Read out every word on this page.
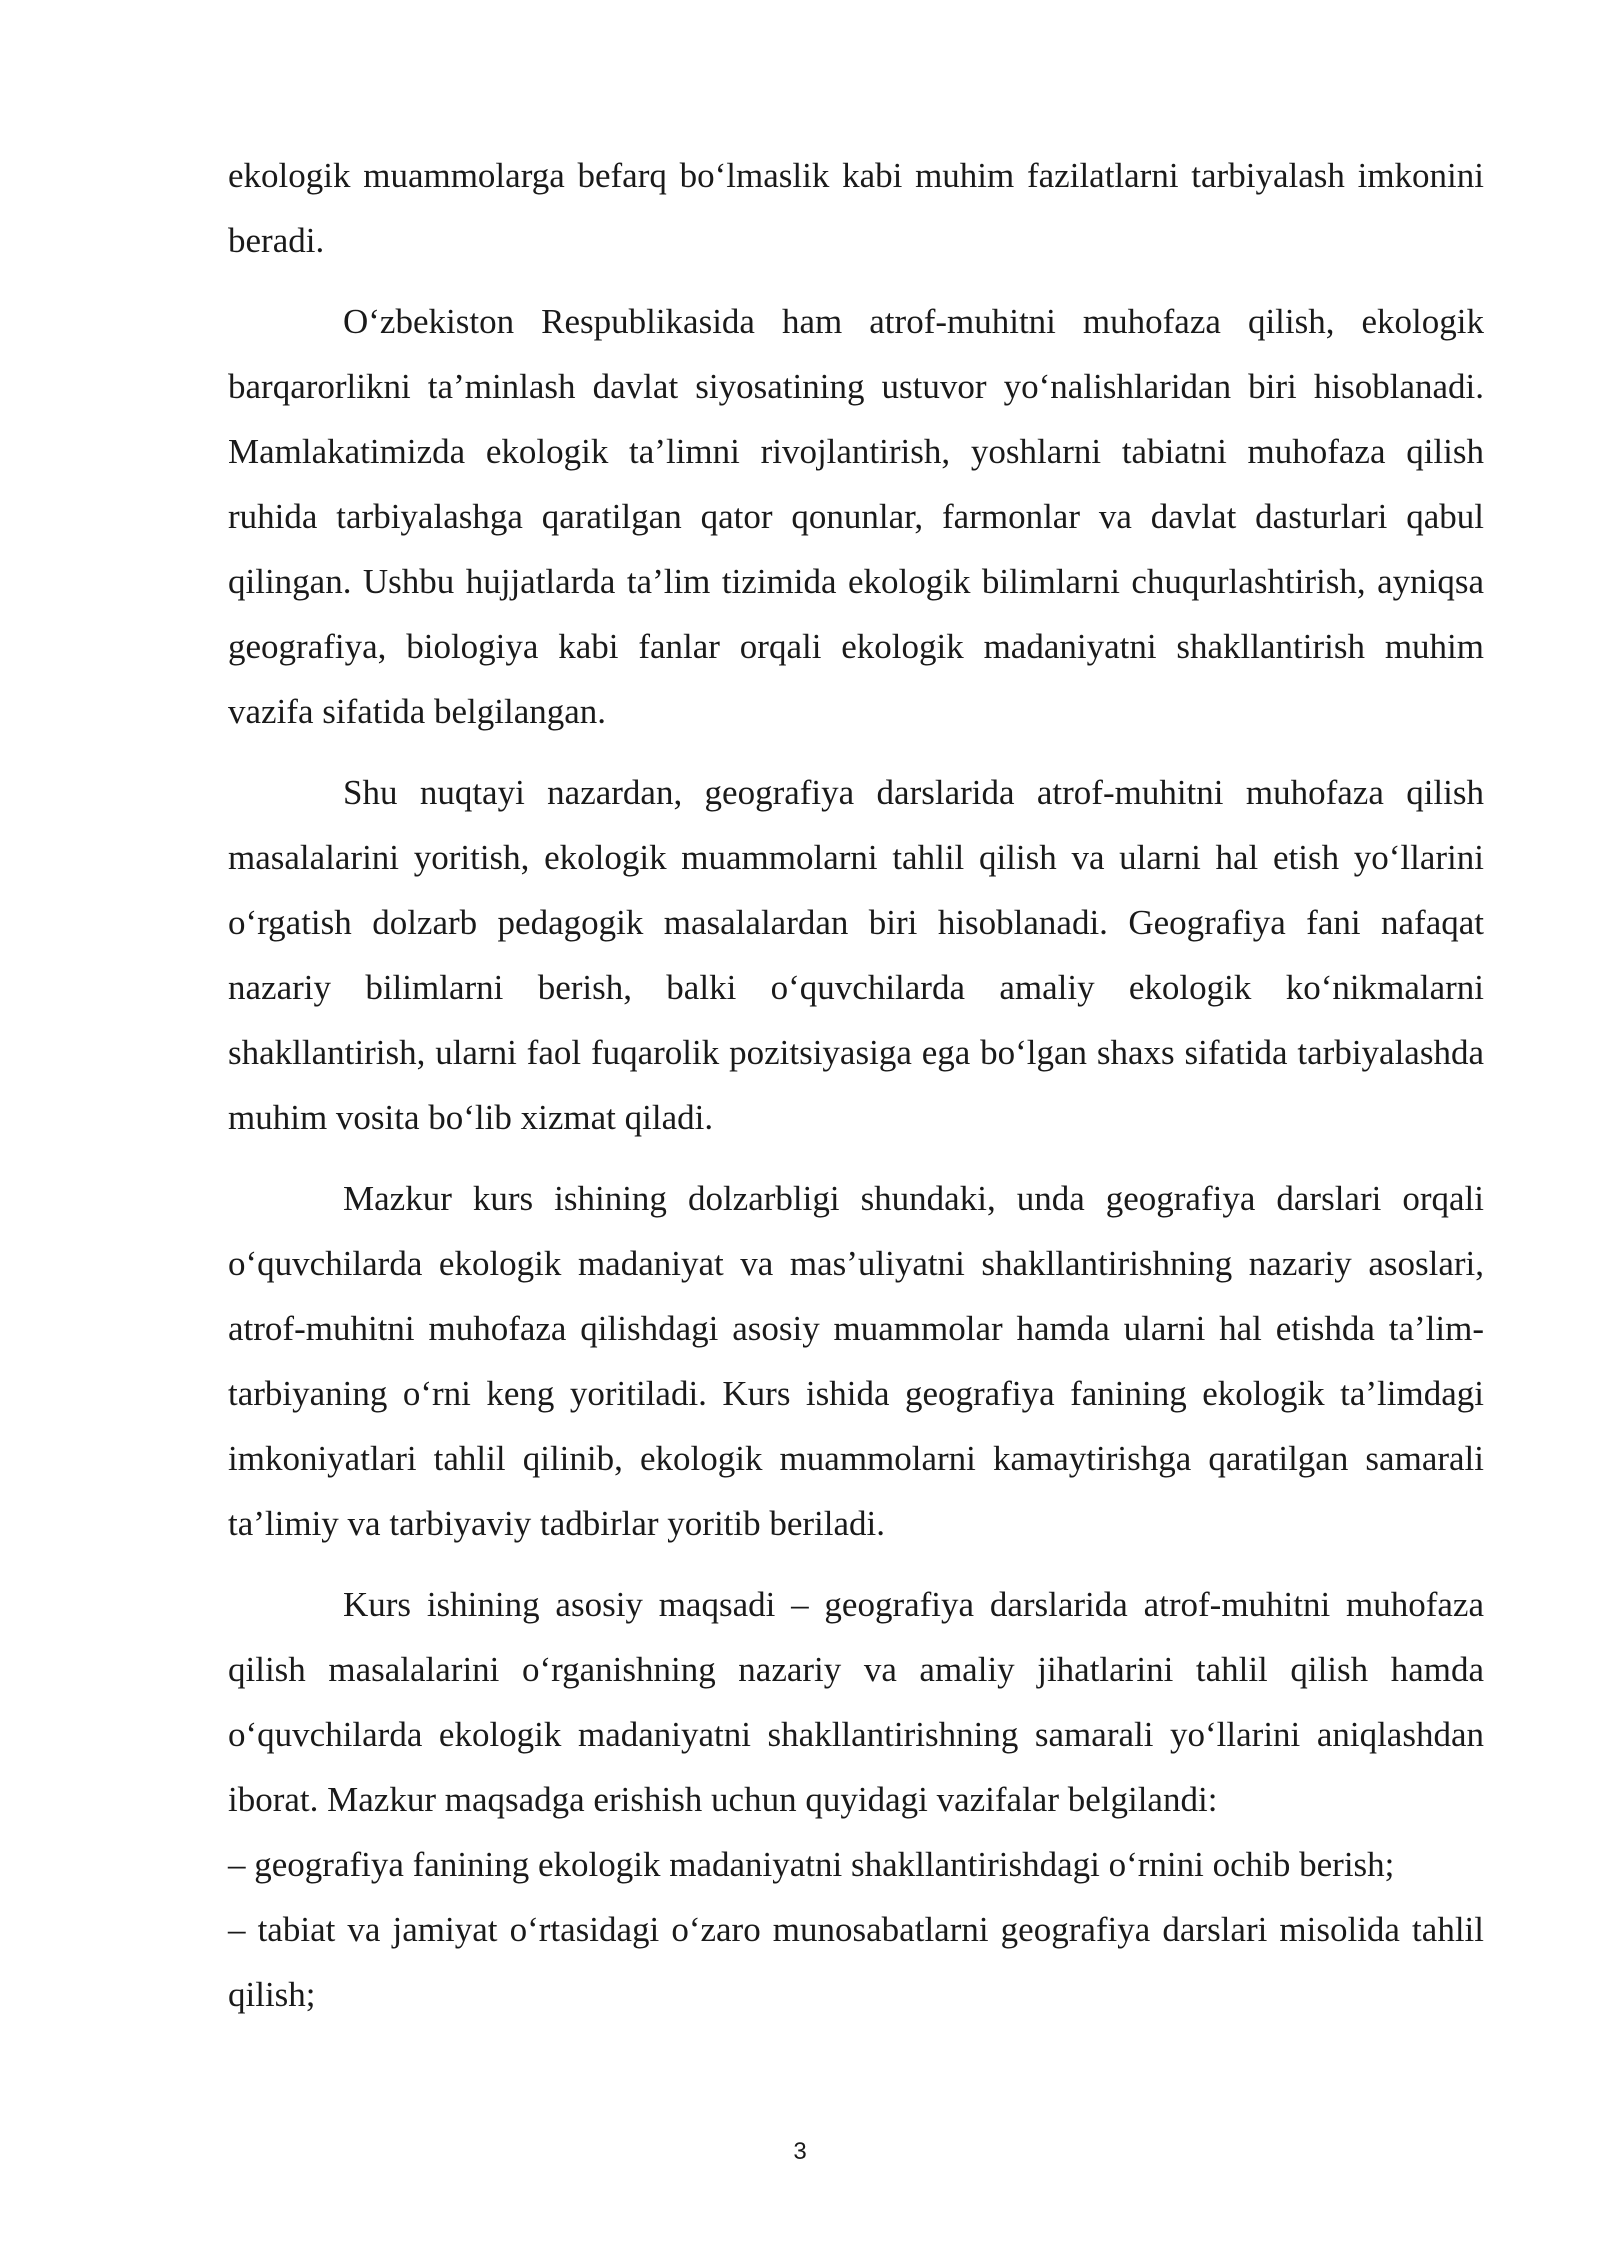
ekologik muammolarga befarq bo‘lmaslik kabi muhim fazilatlarni tarbiyalash imkonini beradi.

O‘zbekiston Respublikasida ham atrof-muhitni muhofaza qilish, ekologik barqarorlikni ta’minlash davlat siyosatining ustuvor yo‘nalishlaridan biri hisoblanadi. Mamlakatimizda ekologik ta’limni rivojlantirish, yoshlarni tabiatni muhofaza qilish ruhida tarbiyalashga qaratilgan qator qonunlar, farmonlar va davlat dasturlari qabul qilingan. Ushbu hujjatlarda ta’lim tizimida ekologik bilimlarni chuqurlashtirish, ayniqsa geografiya, biologiya kabi fanlar orqali ekologik madaniyatni shakllantirish muhim vazifa sifatida belgilangan.

Shu nuqtayi nazardan, geografiya darslarida atrof-muhitni muhofaza qilish masalalarini yoritish, ekologik muammolarni tahlil qilish va ularni hal etish yo‘llarini o‘rgatish dolzarb pedagogik masalalardan biri hisoblanadi. Geografiya fani nafaqat nazariy bilimlarni berish, balki o‘quvchilarda amaliy ekologik ko‘nikmalarni shakllantirish, ularni faol fuqarolik pozitsiyasiga ega bo‘lgan shaxs sifatida tarbiyalashda muhim vosita bo‘lib xizmat qiladi.

Mazkur kurs ishining dolzarbligi shundaki, unda geografiya darslari orqali o‘quvchilarda ekologik madaniyat va mas’uliyatni shakllantirishning nazariy asoslari, atrof-muhitni muhofaza qilishdagi asosiy muammolar hamda ularni hal etishda ta’lim-tarbiyaning o‘rni keng yoritiladi. Kurs ishida geografiya fanining ekologik ta’limdagi imkoniyatlari tahlil qilinib, ekologik muammolarni kamaytirishga qaratilgan samarali ta’limiy va tarbiyaviy tadbirlar yoritib beriladi.

Kurs ishining asosiy maqsadi – geografiya darslarida atrof-muhitni muhofaza qilish masalalarini o‘rganishning nazariy va amaliy jihatlarini tahlil qilish hamda o‘quvchilarda ekologik madaniyatni shakllantirishning samarali yo‘llarini aniqlashdan iborat. Mazkur maqsadga erishish uchun quyidagi vazifalar belgilandi:

– geografiya fanining ekologik madaniyatni shakllantirishdagi o‘rnini ochib berish;

– tabiat va jamiyat o‘rtasidagi o‘zaro munosabatlarni geografiya darslari misolida tahlil qilish;

3
